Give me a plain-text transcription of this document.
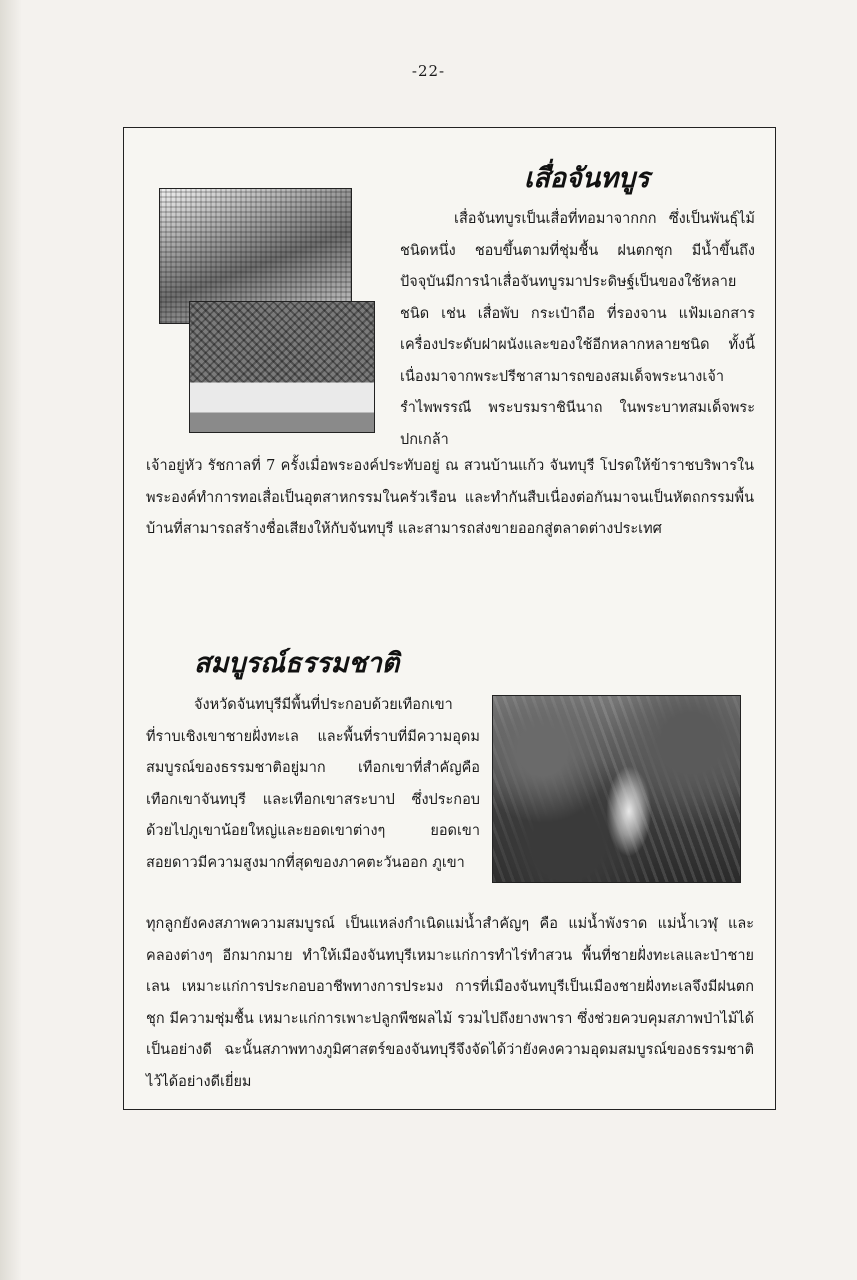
-22-
เสื่อจันทบูร

เสื่อจันทบูรเป็นเสื่อที่ทอมาจากกก ซึ่งเป็นพันธุ์ไม้ชนิดหนึ่ง ชอบขึ้นตามที่ชุ่มชื้น ฝนตกชุก มีน้ำขึ้นถึง ปัจจุบันมีการนำเสื่อจันทบูรมาประดิษฐ์เป็นของใช้หลายชนิด เช่น เสื่อพับ กระเป๋าถือ ที่รองจาน แฟ้มเอกสาร เครื่องประดับฝาผนังและของใช้อีกหลากหลายชนิด ทั้งนี้ เนื่องมาจากพระปรีชาสามารถของสมเด็จพระนางเจ้ารำไพพรรณี พระบรมราชินีนาถ ในพระบาทสมเด็จพระปกเกล้า

เจ้าอยู่หัว รัชกาลที่ 7 ครั้งเมื่อพระองค์ประทับอยู่ ณ สวนบ้านแก้ว จันทบุรี โปรดให้ข้าราชบริพารในพระองค์ทำการทอเสื่อเป็นอุตสาหกรรมในครัวเรือน และทำกันสืบเนื่องต่อกันมาจนเป็นหัตถกรรมพื้นบ้านที่สามารถสร้างชื่อเสียงให้กับจันทบุรี และสามารถส่งขายออกสู่ตลาดต่างประเทศ

สมบูรณ์ธรรมชาติ

จังหวัดจันทบุรีมีพื้นที่ประกอบด้วยเทือกเขา ที่ราบเชิงเขาชายฝั่งทะเล และพื้นที่ราบที่มีความอุดมสมบูรณ์ของธรรมชาติอยู่มาก เทือกเขาที่สำคัญคือ เทือกเขาจันทบุรี และเทือกเขาสระบาป ซึ่งประกอบด้วยไปภูเขาน้อยใหญ่และยอดเขาต่างๆ ยอดเขาสอยดาวมีความสูงมากที่สุดของภาคตะวันออก ภูเขา

ทุกลูกยังคงสภาพความสมบูรณ์ เป็นแหล่งกำเนิดแม่น้ำสำคัญๆ คือ แม่น้ำพังราด แม่น้ำเวฬุ และคลองต่างๆ อีกมากมาย ทำให้เมืองจันทบุรีเหมาะแก่การทำไร่ทำสวน พื้นที่ชายฝั่งทะเลและป่าชายเลน เหมาะแก่การประกอบอาชีพทางการประมง การที่เมืองจันทบุรีเป็นเมืองชายฝั่งทะเลจึงมีฝนตกชุก มีความชุ่มชื้น เหมาะแก่การเพาะปลูกพืชผลไม้ รวมไปถึงยางพารา ซึ่งช่วยควบคุมสภาพป่าไม้ได้เป็นอย่างดี ฉะนั้นสภาพทางภูมิศาสตร์ของจันทบุรีจึงจัดได้ว่ายังคงความอุดมสมบูรณ์ของธรรมชาติไว้ได้อย่างดีเยี่ยม
